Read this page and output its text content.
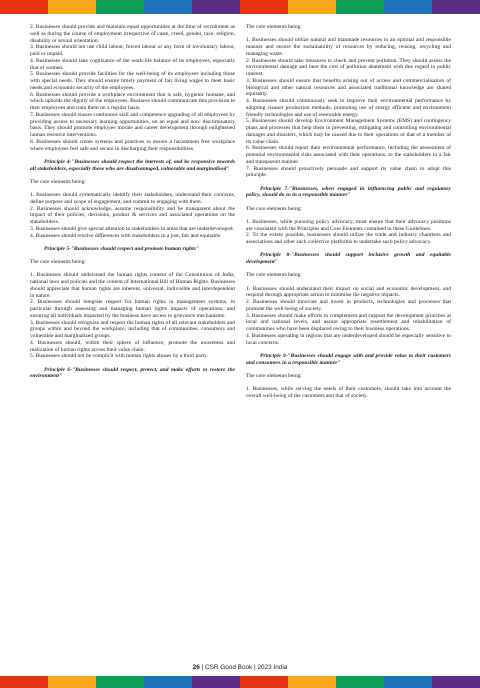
2. Businesses should provide and maintain equal opportunities at the time of recruitment as well as during the course of employment irrespective of caste, creed, gender, race, religion, disability or sexual orientation.

3. Businesses should not use child labour, forced labour or any form of involuntary labour, paid or unpaid.

4. Businesses should take cognizance of the work-life balance of its employees, especially that of women.

5. Businesses should provide facilities for the well-being of its employees including those with special needs. They should ensure timely payment of fair living wages to meet basic needs and economic security of the employees.

6. Businesses should provide a workplace environment that is safe, hygienic humane, and which upholds the dignity of the employees. Business should communicate this provision to their employees and train them on a regular basis.

7. Businesses should ensure continuous skill and competence upgrading of all employees by providing access to necessary learning opportunities, on an equal and non- discriminatory basis. They should promote employee morale and career development through enlightened human resource interventions.

8. Businesses should create systems and practices to ensure a harassment free workplace where employees feel safe and secure in discharging their responsibilities.

Principle 4-"Businesses should respect the interests of, and be responsive towards all stakeholders, especially those who are disadvantaged, vulnerable and marginalised"

The core elements being:

1. Businesses should systematically identify their stakeholders, understand their concerns, define purpose and scope of engagement, and commit to engaging with them.

2. Businesses should acknowledge, assume responsibility and be transparent about the impact of their policies, decisions, product & services and associated operations on the stakeholders.

3. Businesses should give special attention to stakeholders in areas that are underdeveloped.

4. Businesses should resolve differences with stakeholders in a just, fair and equitable

Principle 5-"Businesses should respect and promote human rights"

The core elements being:

1. Businesses should understand the human rights content of the Constitution of India, national laws and policies and the content of International Bill of Human Rights. Businesses should appreciate that human rights are inherent, universal, indivisible and interdependent in nature.

2. Businesses should integrate respect for human rights in management systems, in particular through assessing and managing human rights impacts of operations, and ensuring all individuals impacted by the business have access to grievance mechanisms.

3. Businesses should recognize and respect the human rights of all relevant stakeholders and groups within and beyond the workplace, including that of communities, consumers and vulnerable and marginalized groups.

4. Businesses should, within their sphere of influence, promote the awareness and realization of human rights across their value chain.

5. Businesses should not be complicit with human rights abuses by a third party.

Principle 6-"Businesses should respect, protect, and make efforts to restore the environment"

The core elements being:

1. Businesses should utilize natural and manmade resources in an optimal and responsible manner and ensure the sustainability of resources by reducing, reusing, recycling and managing waste.

2. Businesses should take measures to check and prevent pollution. They should assess the environmental damage and bear the cost of pollution abatement with due regard to public interest.

3. Businesses should ensure that benefits arising out of access and commercialisation of biological and other natural resources and associated traditional knowledge are shared equitably.

4. Businesses should continuously seek to improve their environmental performance by adopting cleaner production methods, promoting use of energy efficient and environment friendly technologies and use of renewable energy.

5. Businesses should develop Environment Management Systems (EMS) and contingency plans and processes that help them in preventing, mitigating and controlling environmental damages and disasters, which may be caused due to their operations or that of a member of its value chain.

6. Businesses should report their environmental performance, including the assessment of potential environmental risks associated with their operations, to the stakeholders in a fair and transparent manner.

7. Businesses should proactively persuade and support its value chain to adopt this principle.

Principle 7-"Businesses, when engaged in influencing public and regulatory policy, should do so in a responsible manner"

The core elements being:

1. Businesses, while pursuing policy advocacy, must ensure that their advocacy positions are consistent with the Principles and Core Elements contained in these Guidelines.

2. To the extent possible, businesses should utilize the trade and industry chambers and associations and other such collective platforms to undertake such policy advocacy.

Principle 8-"Businesses should support inclusive growth and equitable development"

The core elements being:

1. Businesses should understand their impact on social and economic development, and respond through appropriate action to minimise the negative impacts.

2. Businesses should innovate and invest in products, technologies and processes that promote the well-being of society.

3. Businesses should make efforts to complement and support the development priorities at local and national levels, and assure appropriate resettlement and rehabilitation of communities who have been displaced owing to their business operations.

4. Businesses operating in regions that are underdeveloped should be especially sensitive to local concerns.

Principle 9-"Businesses should engage with and provide value to their customers and consumers in a responsible manner"

The core elements being:

1. Businesses, while serving the needs of their customers, should take into account the overall well-being of the customers and that of society.

26 | CSR Good Book | 2023 India
